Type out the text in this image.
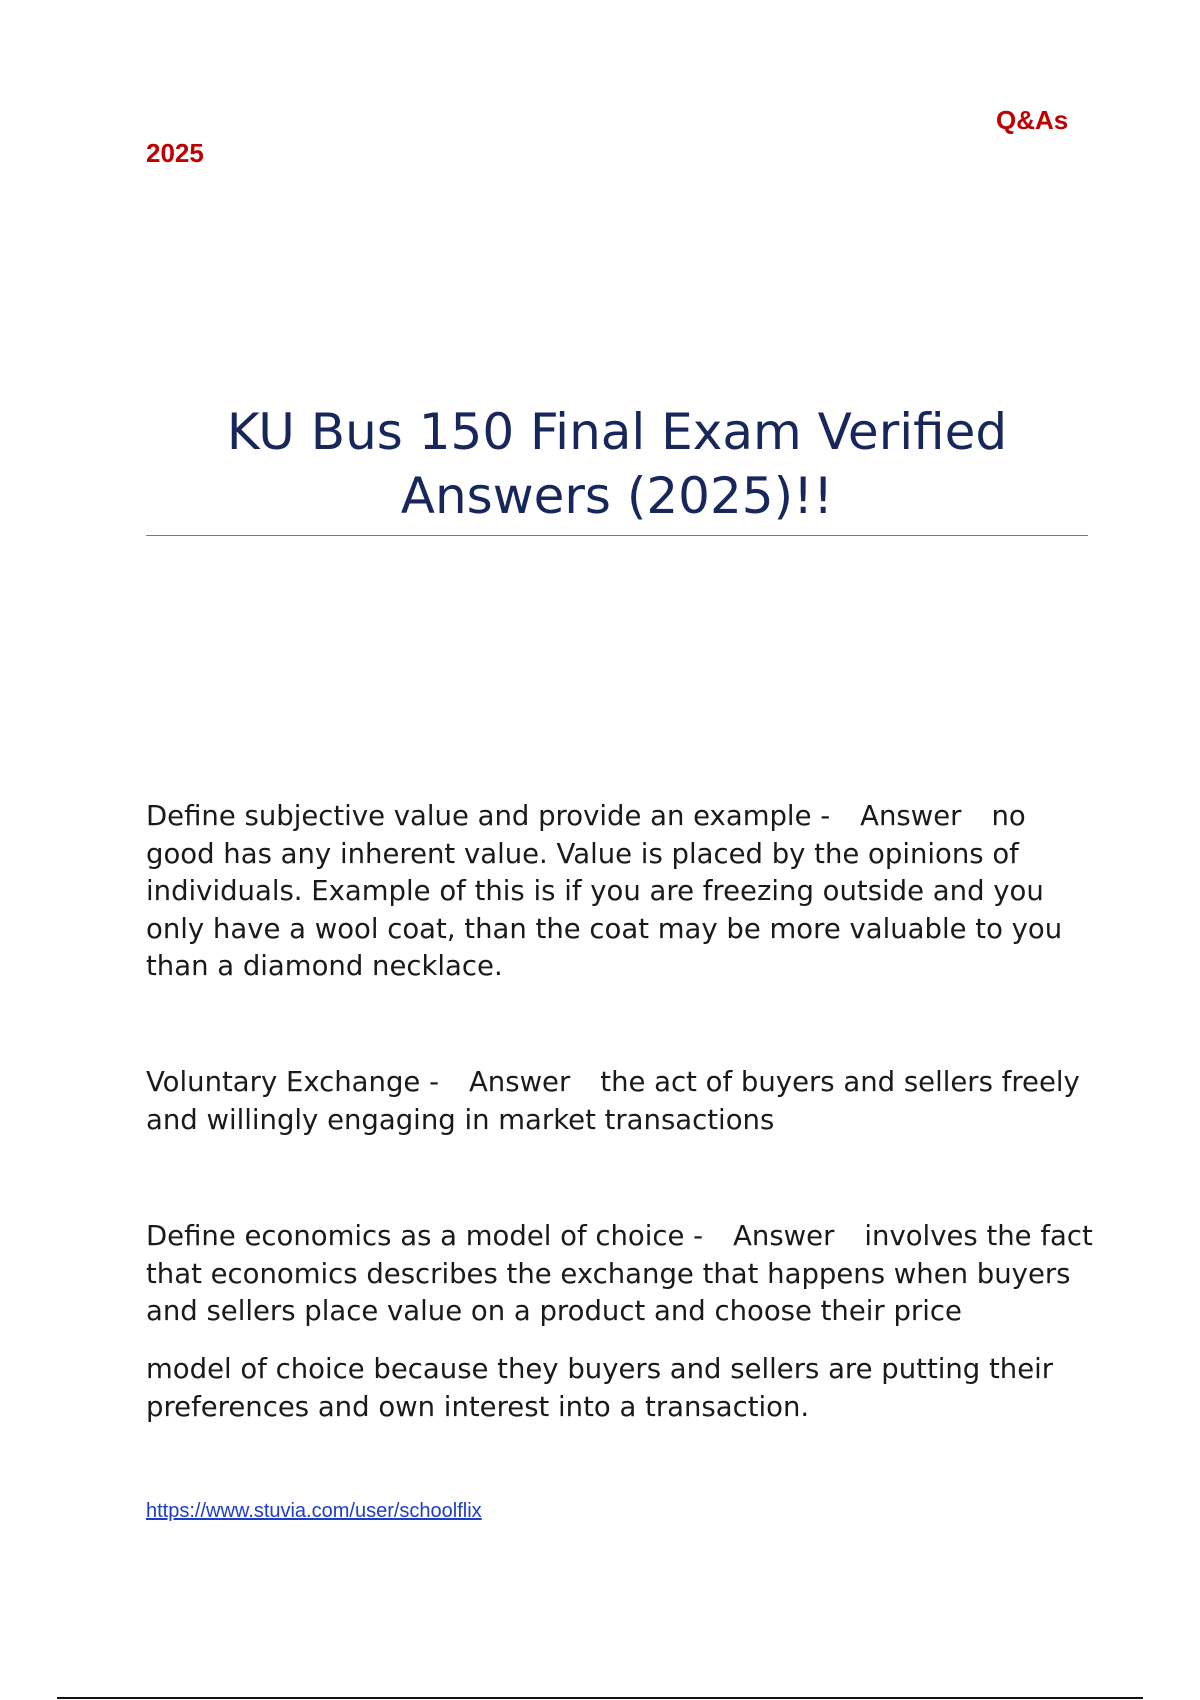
Q&As
2025
KU Bus 150 Final Exam Verified
Answers (2025)!!

Define subjective value and provide an example - Answer no good has any inherent value. Value is placed by the opinions of individuals. Example of this is if you are freezing outside and you only have a wool coat, than the coat may be more valuable to you than a diamond necklace.

Voluntary Exchange - Answer the act of buyers and sellers freely and willingly engaging in market transactions

Define economics as a model of choice - Answer involves the fact that economics describes the exchange that happens when buyers and sellers place value on a product and choose their price

model of choice because they buyers and sellers are putting their preferences and own interest into a transaction.

https://www.stuvia.com/user/schoolflix
